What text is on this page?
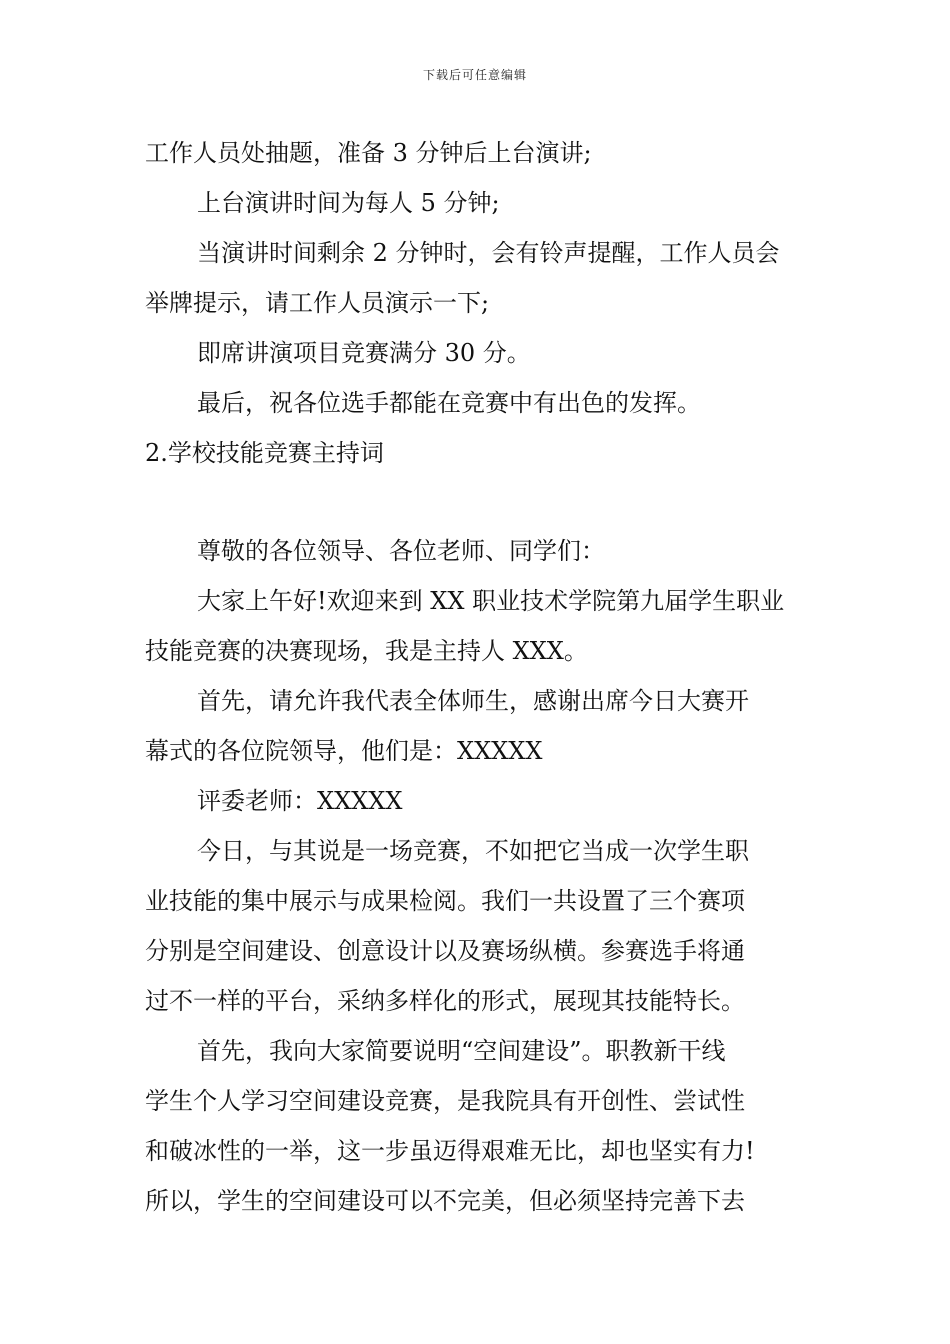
下载后可任意编辑
工作人员处抽题，准备 3 分钟后上台演讲;
上台演讲时间为每人 5 分钟;
当演讲时间剩余 2 分钟时，会有铃声提醒，工作人员会
举牌提示，请工作人员演示一下;
即席讲演项目竞赛满分 30 分。
最后，祝各位选手都能在竞赛中有出色的发挥。
2.学校技能竞赛主持词
尊敬的各位领导、各位老师、同学们：
大家上午好!欢迎来到 XX 职业技术学院第九届学生职业
技能竞赛的决赛现场，我是主持人 XXX。
首先，请允许我代表全体师生，感谢出席今日大赛开
幕式的各位院领导，他们是：XXXXX
评委老师：XXXXX
今日，与其说是一场竞赛，不如把它当成一次学生职
业技能的集中展示与成果检阅。我们一共设置了三个赛项
分别是空间建设、创意设计以及赛场纵横。参赛选手将通
过不一样的平台，采纳多样化的形式，展现其技能特长。
首先，我向大家简要说明“空间建设”。职教新干线
学生个人学习空间建设竞赛，是我院具有开创性、尝试性
和破冰性的一举，这一步虽迈得艰难无比，却也坚实有力!
所以，学生的空间建设可以不完美，但必须坚持完善下去
